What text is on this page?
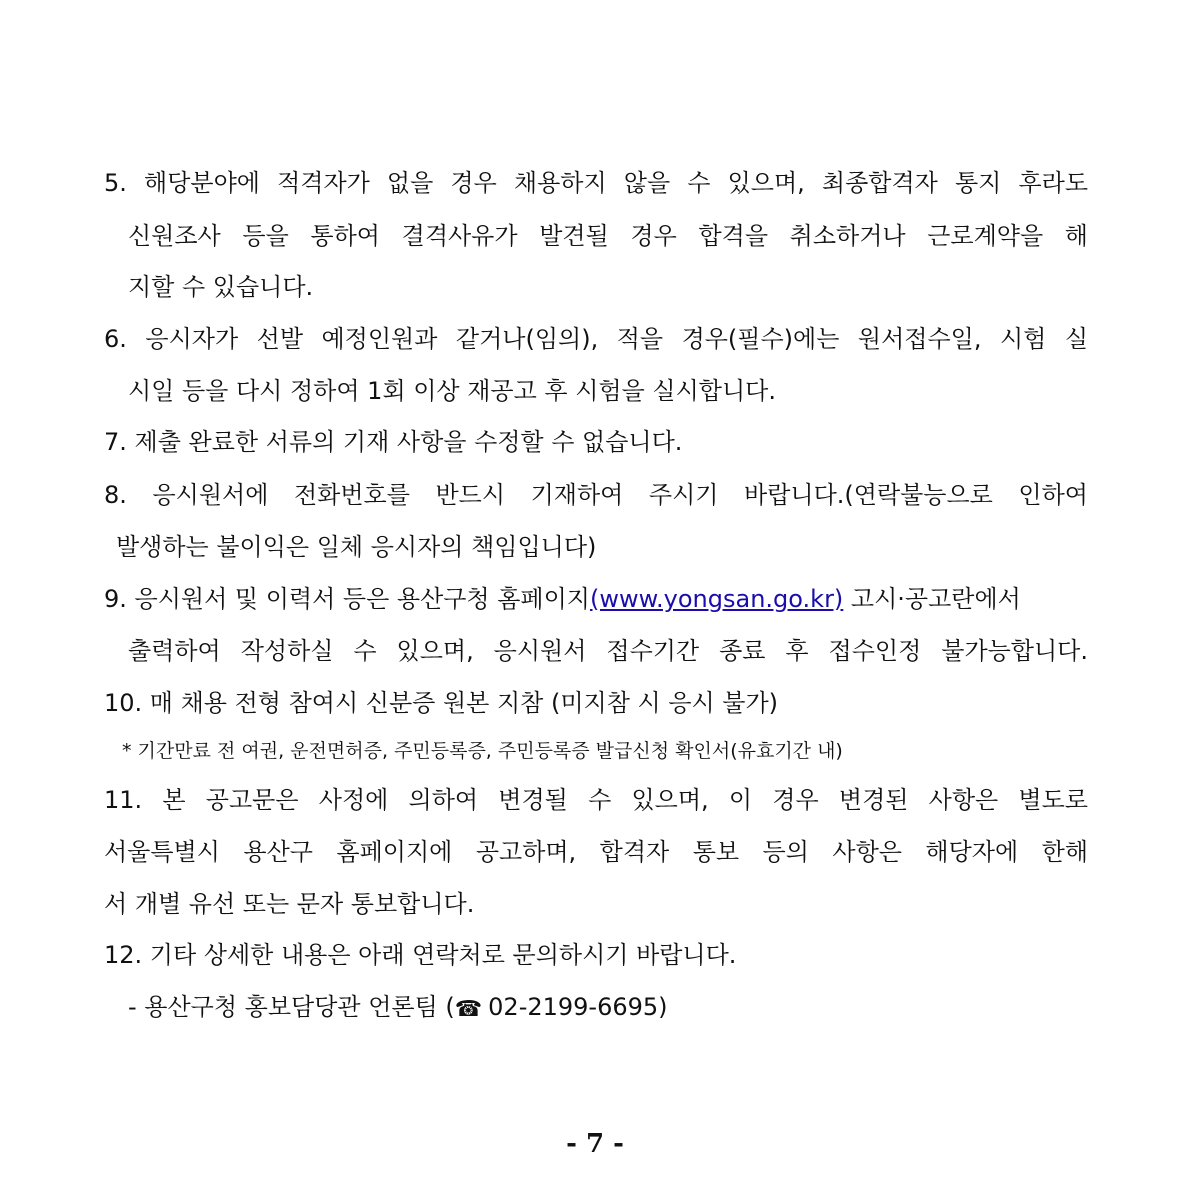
5. 해당분야에 적격자가 없을 경우 채용하지 않을 수 있으며, 최종합격자 통지 후라도
신원조사 등을 통하여 결격사유가 발견될 경우 합격을 취소하거나 근로계약을 해
지할 수 있습니다.
6. 응시자가 선발 예정인원과 같거나(임의), 적을 경우(필수)에는 원서접수일, 시험 실
시일 등을 다시 정하여 1회 이상 재공고 후 시험을 실시합니다.
7. 제출 완료한 서류의 기재 사항을 수정할 수 없습니다.
8. 응시원서에 전화번호를 반드시 기재하여 주시기 바랍니다.(연락불능으로 인하여
발생하는 불이익은 일체 응시자의 책임입니다)
9. 응시원서 및 이력서 등은 용산구청 홈페이지(www.yongsan.go.kr) 고시·공고란에서
출력하여 작성하실 수 있으며, 응시원서 접수기간 종료 후 접수인정 불가능합니다.
10. 매 채용 전형 참여시 신분증 원본 지참 (미지참 시 응시 불가)
* 기간만료 전 여권, 운전면허증, 주민등록증, 주민등록증 발급신청 확인서(유효기간 내)
11. 본 공고문은 사정에 의하여 변경될 수 있으며, 이 경우 변경된 사항은 별도로
서울특별시 용산구 홈페이지에 공고하며, 합격자 통보 등의 사항은 해당자에 한해
서 개별 유선 또는 문자 통보합니다.
12. 기타 상세한 내용은 아래 연락처로 문의하시기 바랍니다.
- 용산구청 홍보담당관 언론팀 (☎ 02-2199-6695)
- 7 -
